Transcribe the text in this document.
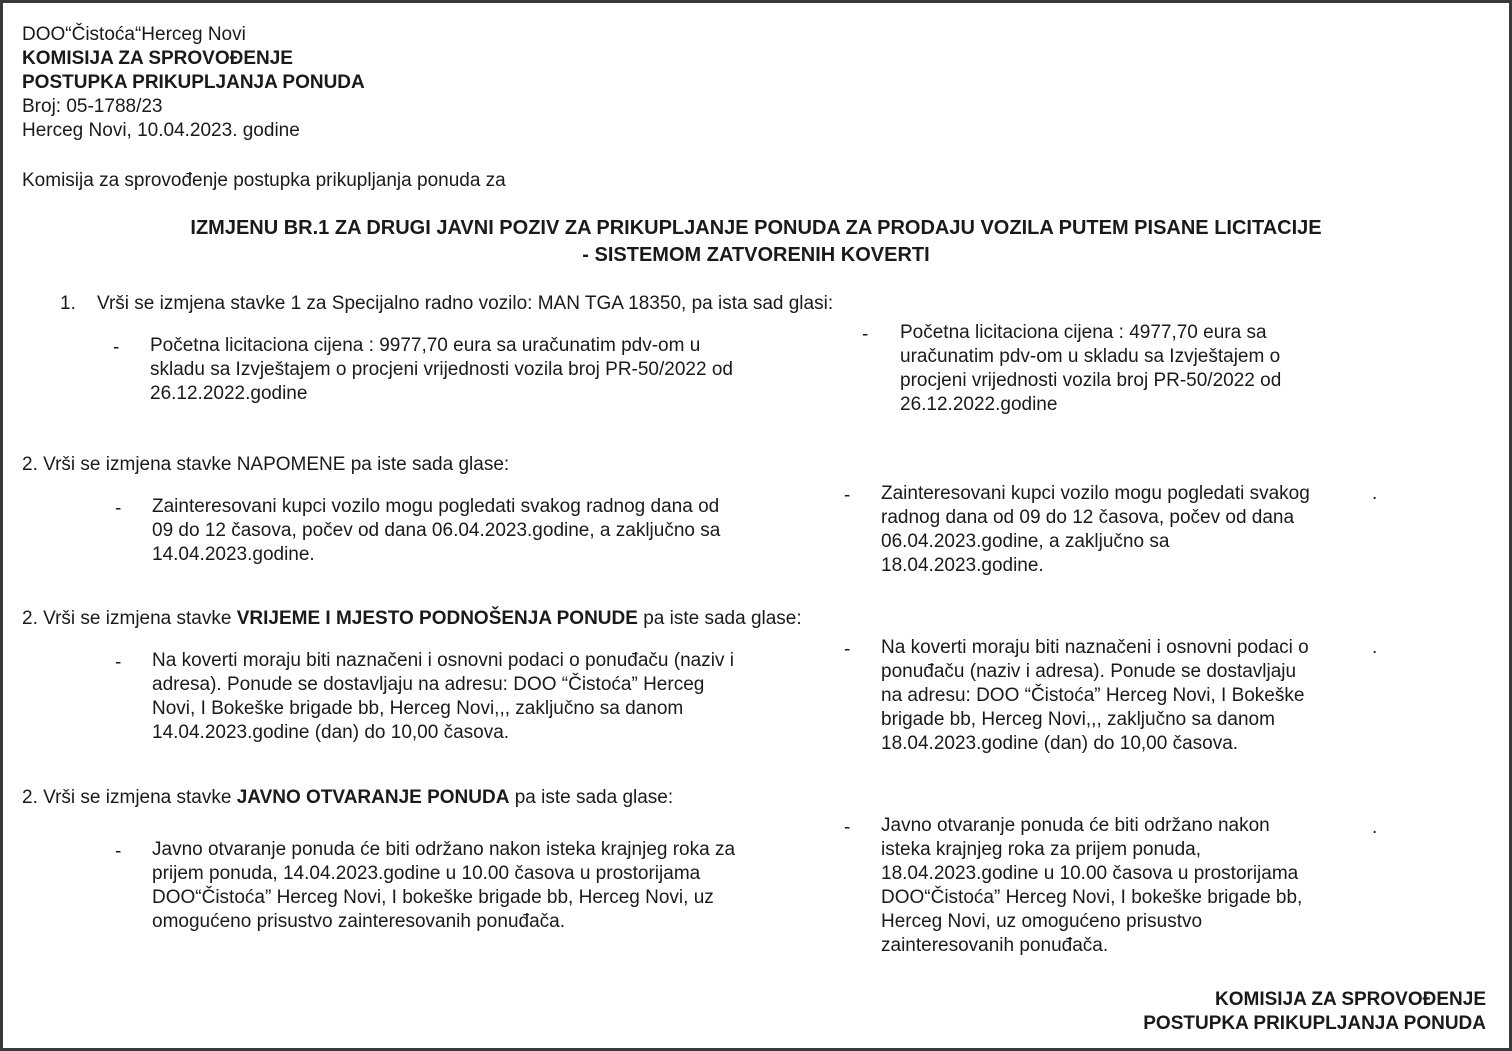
DOO“Čistoća“Herceg Novi
KOMISIJA ZA SPROVOĐENJE
POSTUPKA PRIKUPLJANJA PONUDA
Broj: 05-1788/23
Herceg Novi, 10.04.2023. godine
Komisija za sprovođenje postupka prikupljanja ponuda za
IZMJENU BR.1 ZA DRUGI JAVNI POZIV ZA PRIKUPLJANJE PONUDA ZA PRODAJU VOZILA PUTEM PISANE LICITACIJE
- SISTEMOM ZATVORENIH KOVERTI
1. Vrši se izmjena stavke 1 za Specijalno radno vozilo: MAN TGA 18350, pa ista sad glasi:
- Početna licitaciona cijena : 9977,70 eura sa uračunatim pdv-om u
skladu sa Izvještajem o procjeni vrijednosti vozila broj PR-50/2022 od
26.12.2022.godine
- Početna licitaciona cijena : 4977,70 eura sa
uračunatim pdv-om u skladu sa Izvještajem o
procjeni vrijednosti vozila broj PR-50/2022 od
26.12.2022.godine
2. Vrši se izmjena stavke NAPOMENE pa iste sada glase:
- Zainteresovani kupci vozilo mogu pogledati svakog radnog dana od
09 do 12 časova, počev od dana 06.04.2023.godine, a zaključno sa
14.04.2023.godine.
- Zainteresovani kupci vozilo mogu pogledati svakog
radnog dana od 09 do 12 časova, počev od dana
06.04.2023.godine, a zaključno sa
18.04.2023.godine.
.
2. Vrši se izmjena stavke VRIJEME I MJESTO PODNOŠENJA PONUDE pa iste sada glase:
- Na koverti moraju biti naznačeni i osnovni podaci o ponuđaču (naziv i
adresa). Ponude se dostavljaju na adresu: DOO “Čistoća” Herceg
Novi, I Bokeške brigade bb, Herceg Novi,,, zaključno sa danom
14.04.2023.godine (dan) do 10,00 časova.
- Na koverti moraju biti naznačeni i osnovni podaci o
ponuđaču (naziv i adresa). Ponude se dostavljaju
na adresu: DOO “Čistoća” Herceg Novi, I Bokeške
brigade bb, Herceg Novi,,, zaključno sa danom
18.04.2023.godine (dan) do 10,00 časova.
.
2. Vrši se izmjena stavke JAVNO OTVARANJE PONUDA pa iste sada glase:
- Javno otvaranje ponuda će biti održano nakon isteka krajnjeg roka za
prijem ponuda, 14.04.2023.godine u 10.00 časova u prostorijama
DOO“Čistoća” Herceg Novi, I bokeške brigade bb, Herceg Novi, uz
omogućeno prisustvo zainteresovanih ponuđača.
- Javno otvaranje ponuda će biti održano nakon
isteka krajnjeg roka za prijem ponuda,
18.04.2023.godine u 10.00 časova u prostorijama
DOO“Čistoća” Herceg Novi, I bokeške brigade bb,
Herceg Novi, uz omogućeno prisustvo
zainteresovanih ponuđača.
.
KOMISIJA ZA SPROVOĐENJE
POSTUPKA PRIKUPLJANJA PONUDA
